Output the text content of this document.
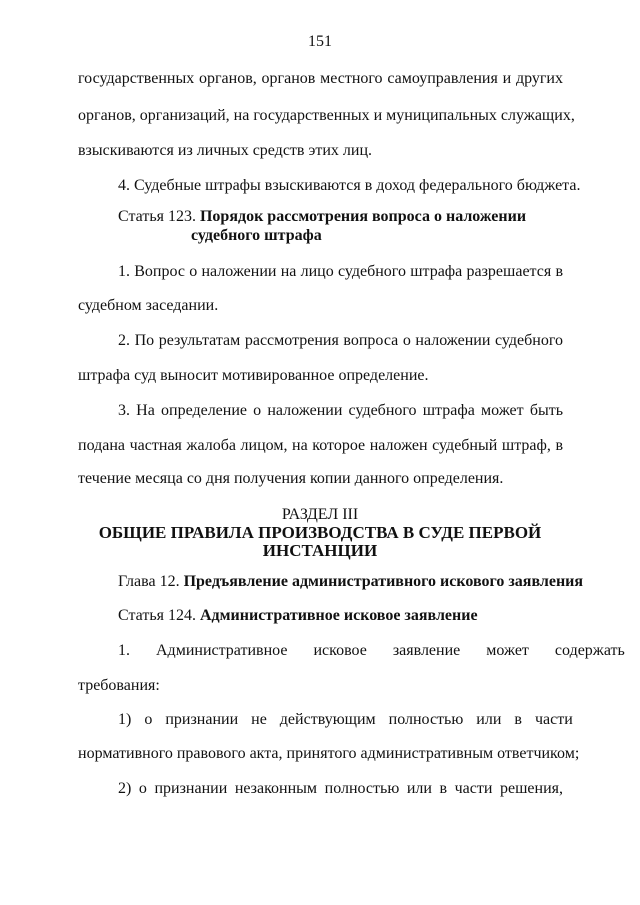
151
государственных органов, органов местного самоуправления и других
органов, организаций, на государственных и муниципальных служащих,
взыскиваются из личных средств этих лиц.
4. Судебные штрафы взыскиваются в доход федерального бюджета.
Статья 123. Порядок рассмотрения вопроса о наложении
судебного штрафа
1. Вопрос о наложении на лицо судебного штрафа разрешается в
судебном заседании.
2. По результатам рассмотрения вопроса о наложении судебного
штрафа суд выносит мотивированное определение.
3. На определение о наложении судебного штрафа может быть
подана частная жалоба лицом, на которое наложен судебный штраф, в
течение месяца со дня получения копии данного определения.
РАЗДЕЛ III
ОБЩИЕ ПРАВИЛА ПРОИЗВОДСТВА В СУДЕ ПЕРВОЙ
ИНСТАНЦИИ
Глава 12. Предъявление административного искового заявления
Статья 124. Административное исковое заявление
1. Административное исковое заявление может содержать
требования:
1) о признании не действующим полностью или в части
нормативного правового акта, принятого административным ответчиком;
2) о признании незаконным полностью или в части решения,
